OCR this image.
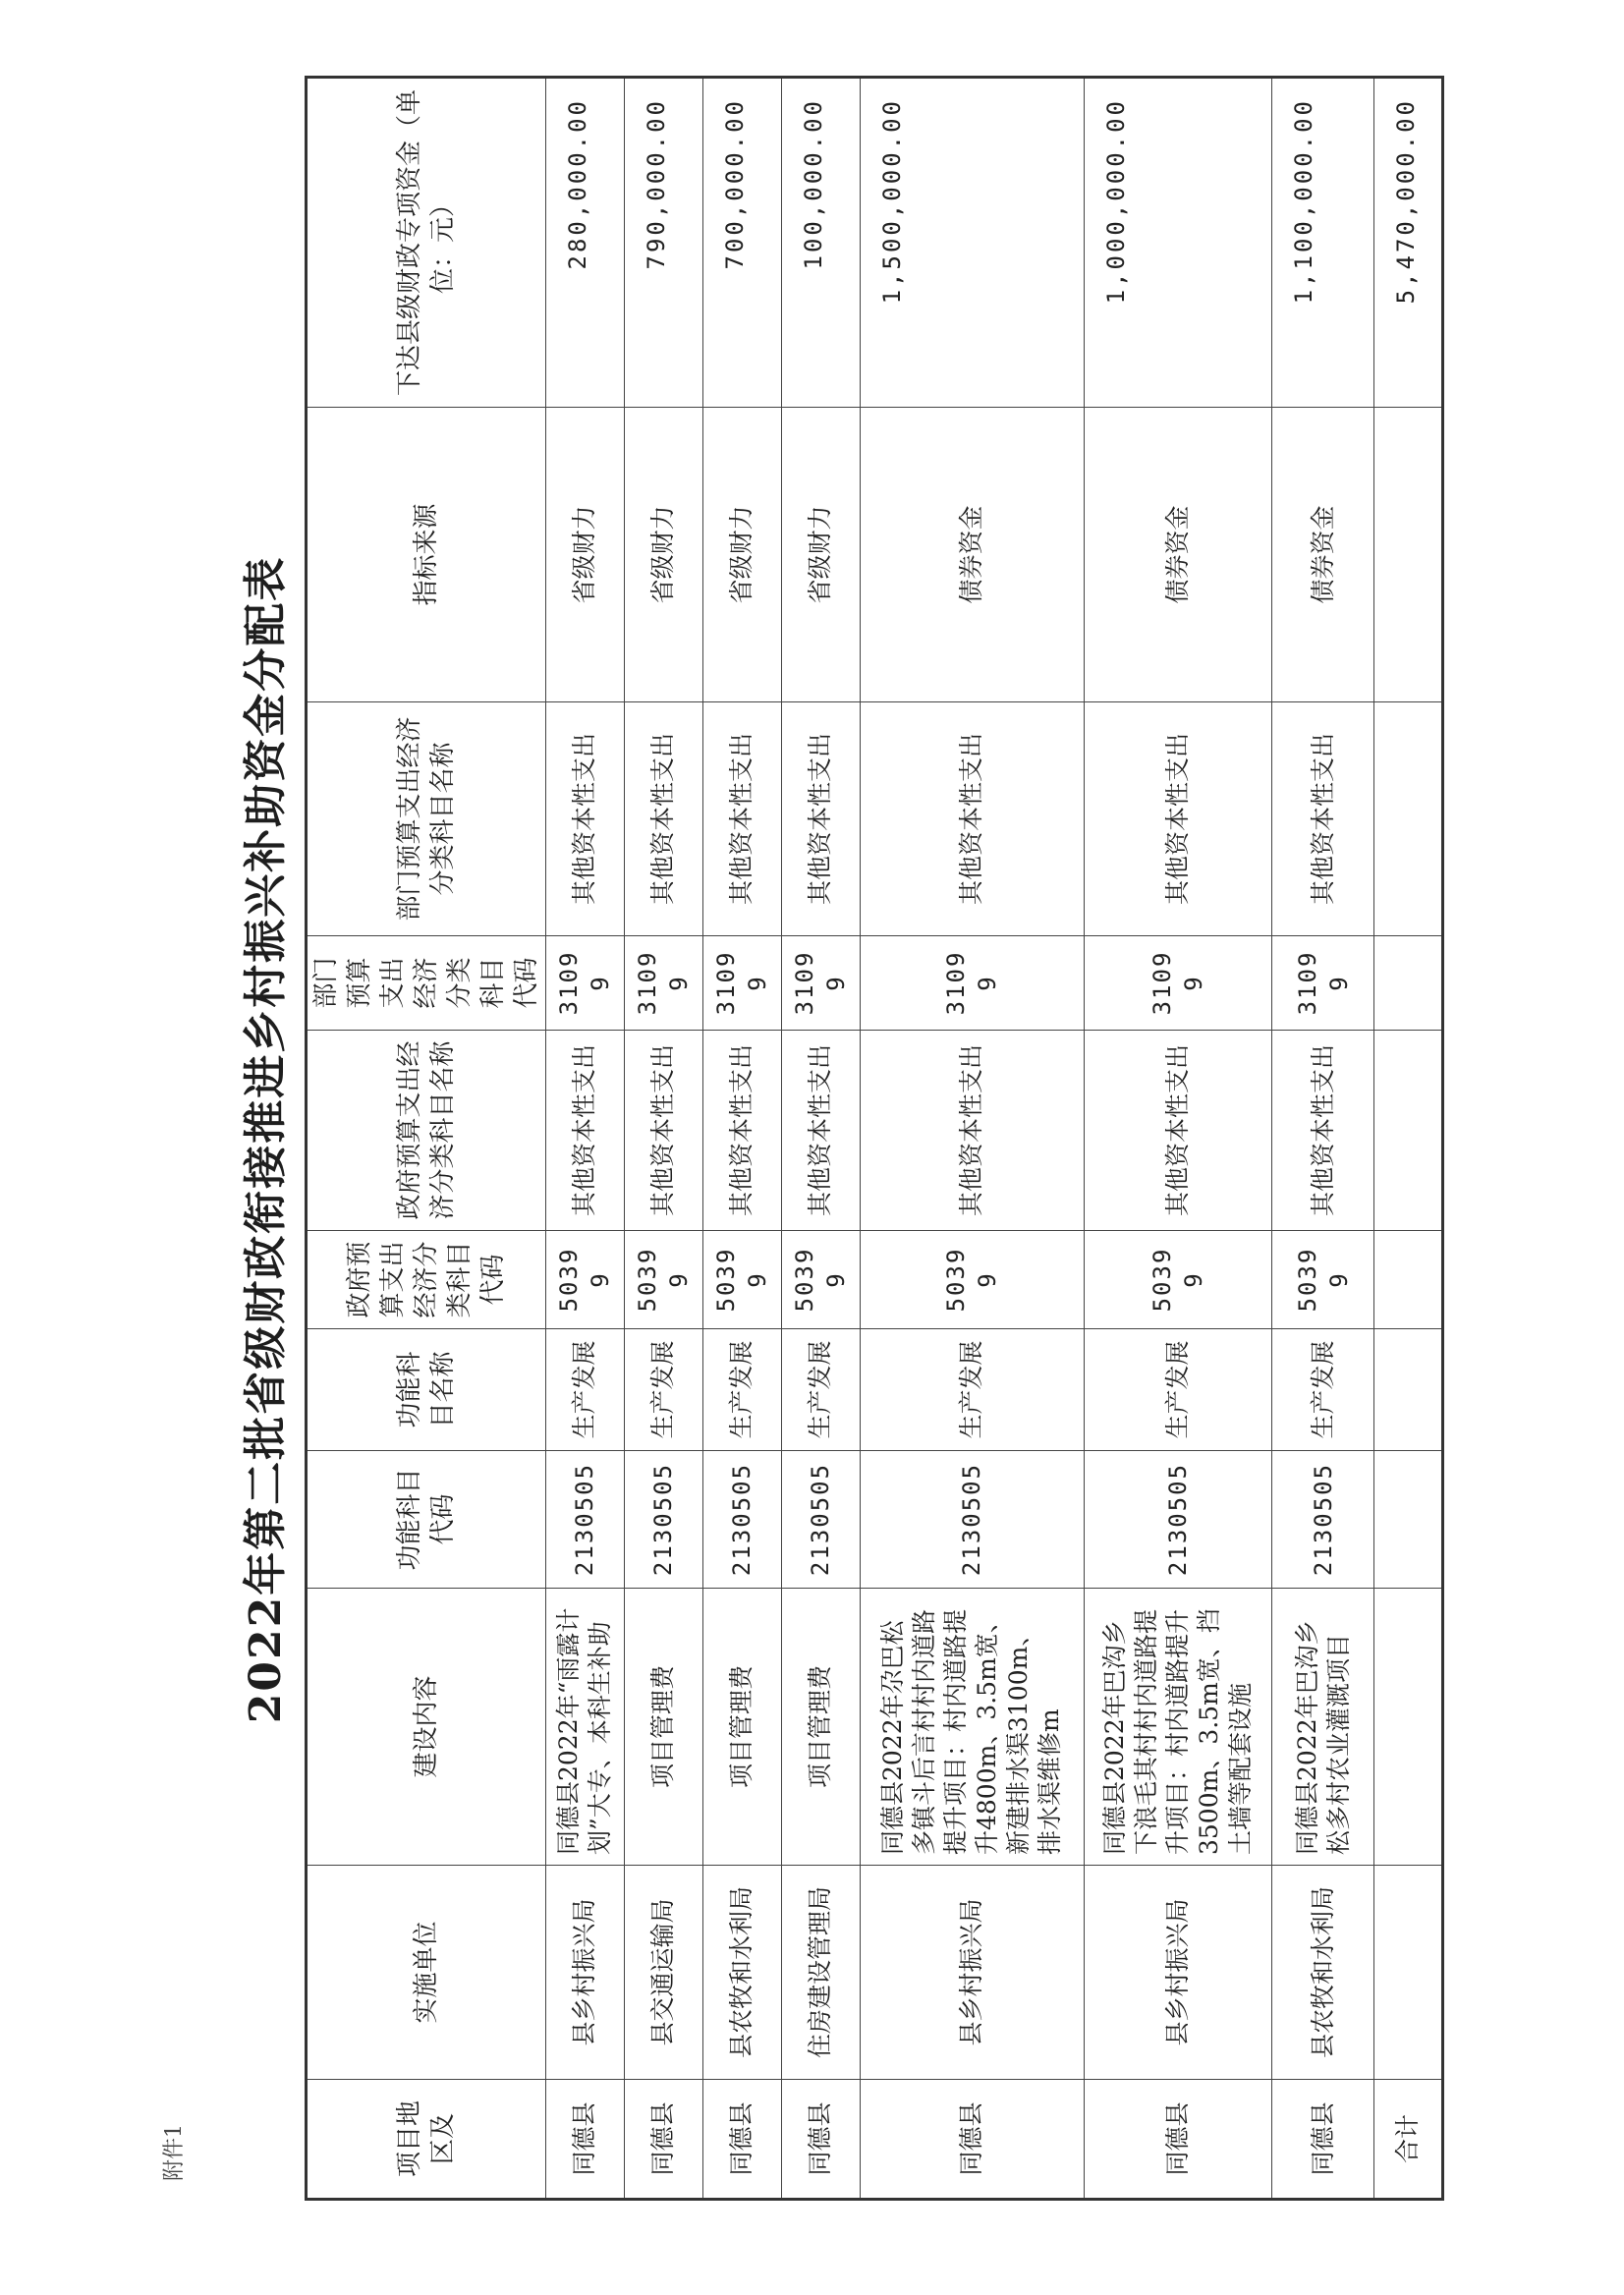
附件1
2022年第二批省级财政衔接推进乡村振兴补助资金分配表
项目地区及	实施单位	建设内容	功能科目代码	功能科目名称	政府预算支出经济分类科目代码	政府预算支出经济分类科目名称	部门预算支出经济分类科目代码	部门预算支出经济分类科目名称	指标来源	下达县级财政专项资金（单位：元）
同德县	县乡村振兴局	同德县2022年“雨露计划”大专、本科生补助	2130505	生产发展	50399	其他资本性支出	31099	其他资本性支出	省级财力	280,000.00
同德县	县交通运输局	项目管理费	2130505	生产发展	50399	其他资本性支出	31099	其他资本性支出	省级财力	790,000.00
同德县	县农牧和水利局	项目管理费	2130505	生产发展	50399	其他资本性支出	31099	其他资本性支出	省级财力	700,000.00
同德县	住房建设管理局	项目管理费	2130505	生产发展	50399	其他资本性支出	31099	其他资本性支出	省级财力	100,000.00
同德县	县乡村振兴局	同德县2022年尕巴松多镇斗后言村村内道路提升项目：村内道路提升4800m、3.5m宽、新建排水渠3100m、排水渠维修m	2130505	生产发展	50399	其他资本性支出	31099	其他资本性支出	债券资金	1,500,000.00
同德县	县乡村振兴局	同德县2022年巴沟乡下浪毛其村村内道路提升项目：村内道路提升3500m、3.5m宽、挡土墙等配套设施	2130505	生产发展	50399	其他资本性支出	31099	其他资本性支出	债券资金	1,000,000.00
同德县	县农牧和水利局	同德县2022年巴沟乡松多村农业灌溉项目	2130505	生产发展	50399	其他资本性支出	31099	其他资本性支出	债券资金	1,100,000.00
合计										5,470,000.00
